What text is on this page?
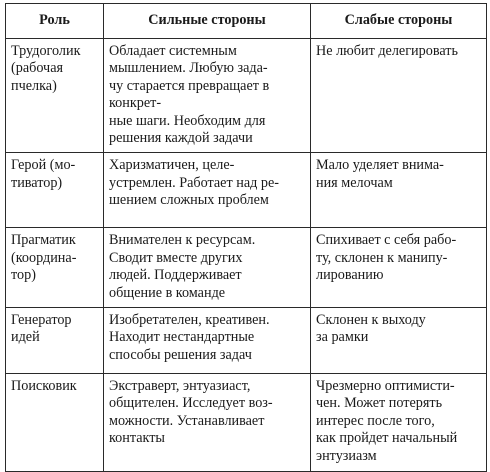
Роль	Сильные стороны	Слабые стороны

Трудоголик
(рабочая
пчелка)	Обладает системным
мышлением. Любую зада-
чу старается превращает в конкрет-
ные шаги. Необходим для
решения каждой задачи	Не любит делегировать

Герой (мо-
тиватор)	Харизматичен, целе-
устремлен. Работает над ре-
шением сложных проблем	Мало уделяет внима-
ния мелочам

Прагматик
(координа-
тор)	Внимателен к ресурсам.
Сводит вместе других
людей. Поддерживает
общение в команде	Спихивает с себя рабо-
ту, склонен к манипу-
лированию

Генератор
идей	Изобретателен, креативен.
Находит нестандартные
способы решения задач	Склонен к выходу
за рамки

Поисковик	Экстраверт, энтуазиаст,
общителен. Исследует воз-
можности. Устанавливает
контакты	Чрезмерно оптимисти-
чен. Может потерять
интерес после того,
как пройдет начальный
энтузиазм
